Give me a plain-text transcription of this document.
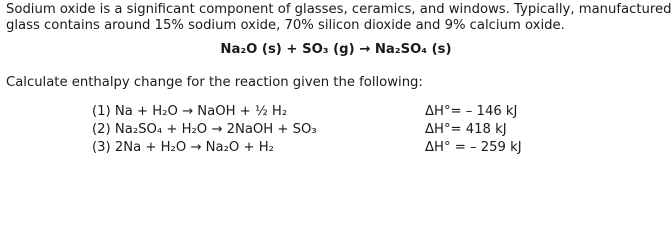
Sodium oxide is a significant component of glasses, ceramics, and windows. Typically, manufactured

glass contains around 15% sodium oxide, 70% silicon dioxide and 9% calcium oxide.

Na₂O (s) + SO₃ (g) → Na₂SO₄ (s)
Calculate enthalpy change for the reaction given the following:
(1) Na + H₂O → NaOH + ½ H₂	ΔH°= – 146 kJ
(2) Na₂SO₄ + H₂O → 2NaOH + SO₃	ΔH°= 418 kJ
(3) 2Na + H₂O → Na₂O + H₂	ΔH° = – 259 kJ
